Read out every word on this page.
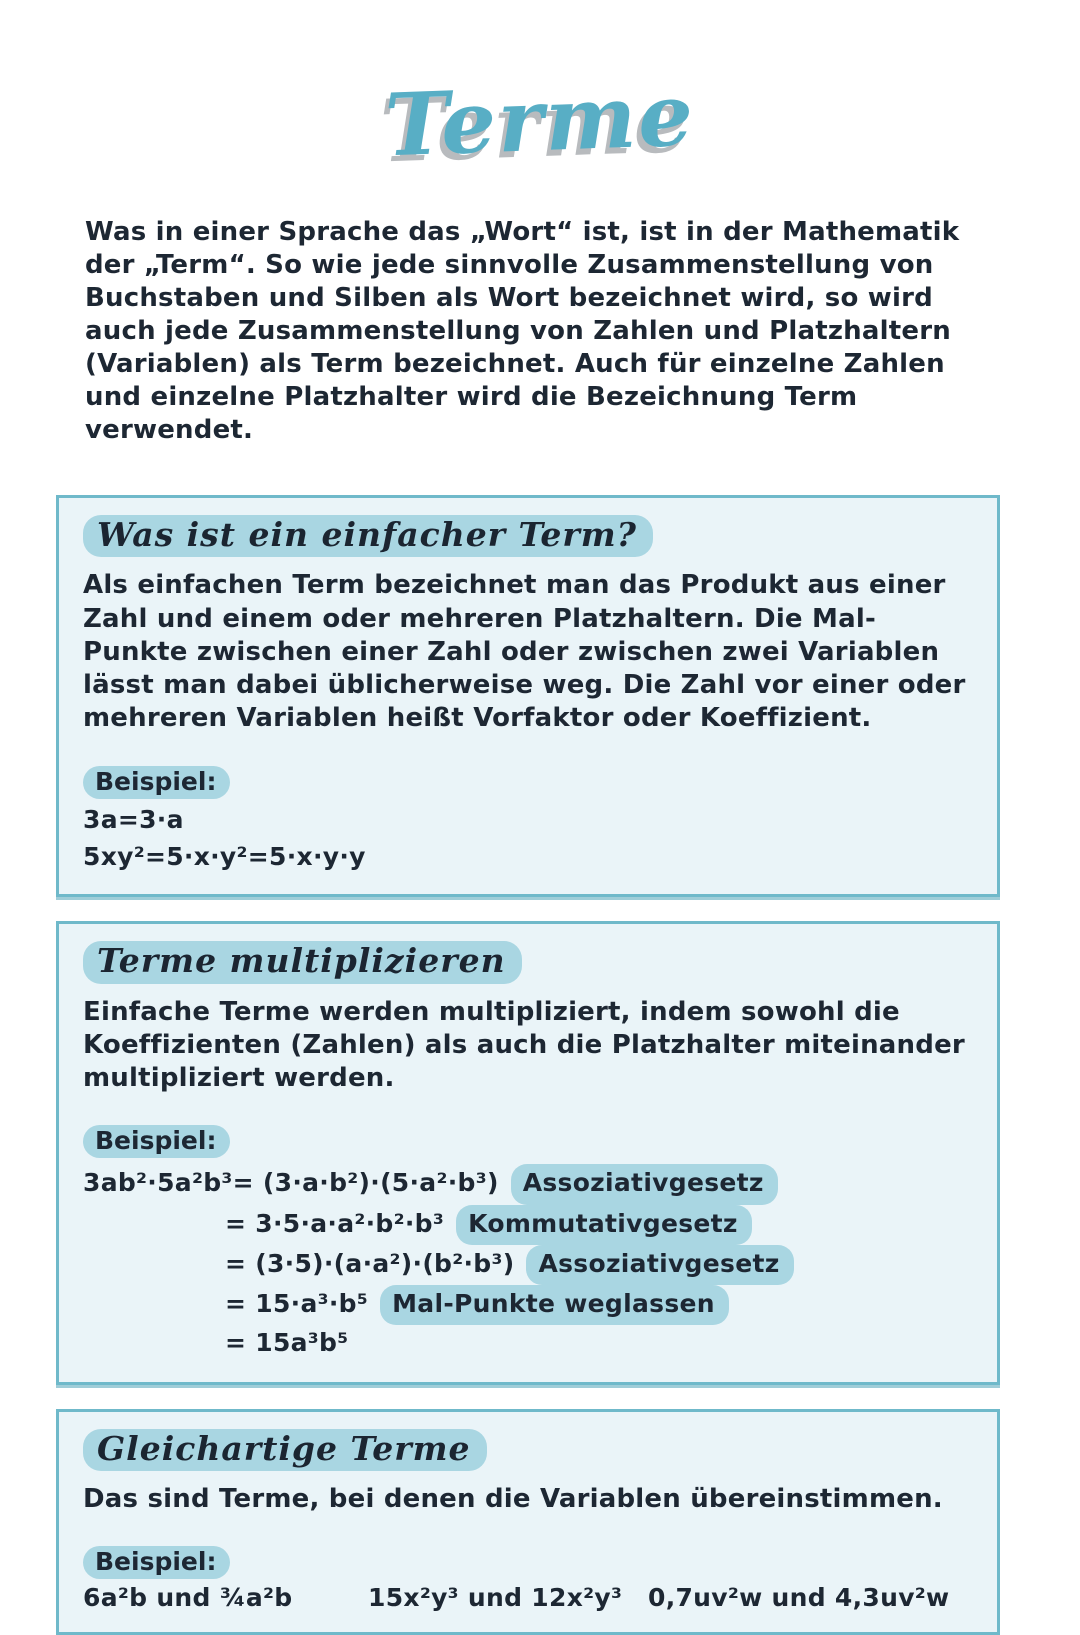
Terme

Was in einer Sprache das „Wort“ ist, ist in der Mathematik der „Term“. So wie jede sinnvolle Zusammenstellung von Buchstaben und Silben als Wort bezeichnet wird, so wird auch jede Zusammenstellung von Zahlen und Platzhaltern (Variablen) als Term bezeichnet. Auch für einzelne Zahlen und einzelne Platzhalter wird die Bezeichnung Term verwendet.

Was ist ein einfacher Term?

Als einfachen Term bezeichnet man das Produkt aus einer Zahl und einem oder mehreren Platzhaltern. Die Mal-Punkte zwischen einer Zahl oder zwischen zwei Variablen lässt man dabei üblicherweise weg. Die Zahl vor einer oder mehreren Variablen heißt Vorfaktor oder Koeffizient.

Beispiel:
3a=3·a
5xy²=5·x·y²=5·x·y·y
Terme multiplizieren

Einfache Terme werden multipliziert, indem sowohl die Koeffizienten (Zahlen) als auch die Platzhalter miteinander multipliziert werden.

Beispiel:
3ab²·5a²b³= (3·a·b²)·(5·a²·b³) Assoziativgesetz
= 3·5·a·a²·b²·b³ Kommutativgesetz
= (3·5)·(a·a²)·(b²·b³) Assoziativgesetz
= 15·a³·b⁵ Mal-Punkte weglassen
= 15a³b⁵
Gleichartige Terme

Das sind Terme, bei denen die Variablen übereinstimmen.

Beispiel:
6a²b und ¾a²b	15x²y³ und 12x²y³	0,7uv²w und 4,3uv²w
